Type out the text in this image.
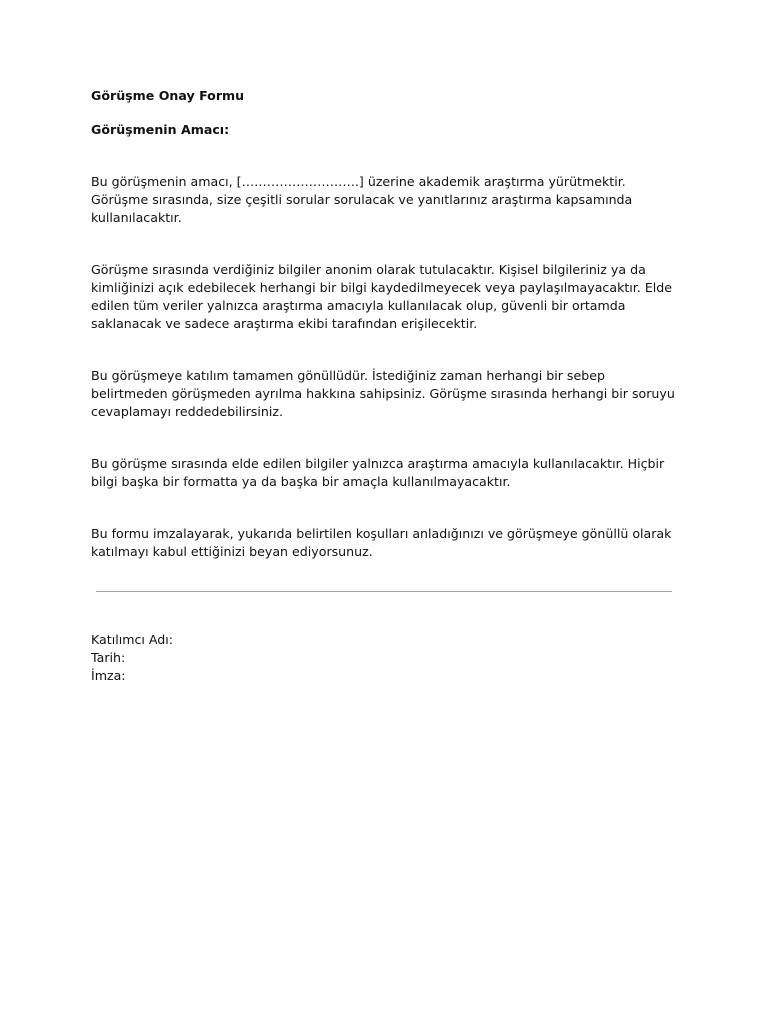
Görüşme Onay Formu

Görüşmenin Amacı:

Bu görüşmenin amacı, [……………………….] üzerine akademik araştırma yürütmektir.

Görüşme sırasında, size çeşitli sorular sorulacak ve yanıtlarınız araştırma kapsamında

kullanılacaktır.

Görüşme sırasında verdiğiniz bilgiler anonim olarak tutulacaktır. Kişisel bilgileriniz ya da

kimliğinizi açık edebilecek herhangi bir bilgi kaydedilmeyecek veya paylaşılmayacaktır. Elde

edilen tüm veriler yalnızca araştırma amacıyla kullanılacak olup, güvenli bir ortamda

saklanacak ve sadece araştırma ekibi tarafından erişilecektir.

Bu görüşmeye katılım tamamen gönüllüdür. İstediğiniz zaman herhangi bir sebep

belirtmeden görüşmeden ayrılma hakkına sahipsiniz. Görüşme sırasında herhangi bir soruyu

cevaplamayı reddedebilirsiniz.

Bu görüşme sırasında elde edilen bilgiler yalnızca araştırma amacıyla kullanılacaktır. Hiçbir

bilgi başka bir formatta ya da başka bir amaçla kullanılmayacaktır.

Bu formu imzalayarak, yukarıda belirtilen koşulları anladığınızı ve görüşmeye gönüllü olarak

katılmayı kabul ettiğinizi beyan ediyorsunuz.

Katılımcı Adı:

Tarih:

İmza:
